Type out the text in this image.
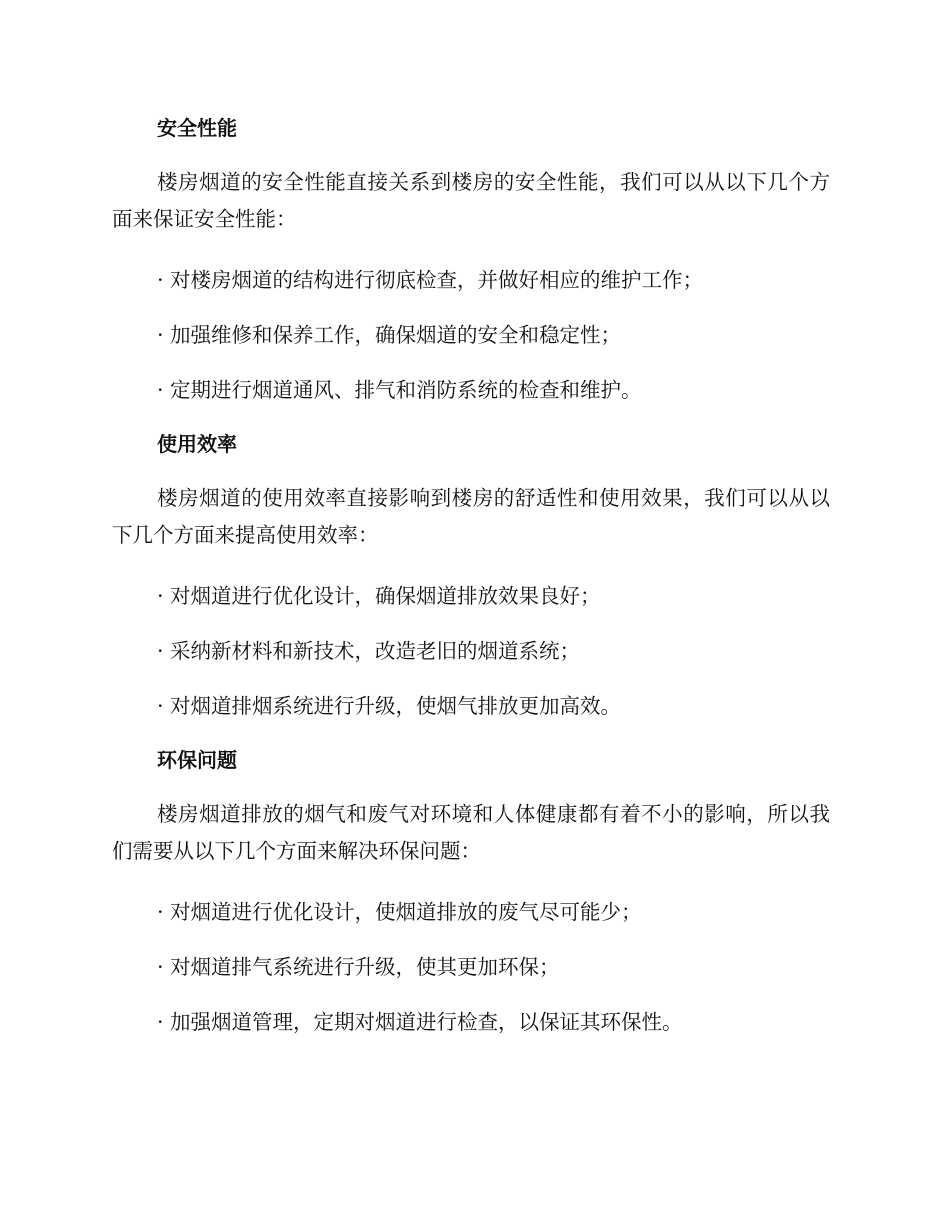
安全性能

楼房烟道的安全性能直接关系到楼房的安全性能，我们可以从以下几个方面来保证安全性能：

· 对楼房烟道的结构进行彻底检查，并做好相应的维护工作；

· 加强维修和保养工作，确保烟道的安全和稳定性；

· 定期进行烟道通风、排气和消防系统的检查和维护。

使用效率

楼房烟道的使用效率直接影响到楼房的舒适性和使用效果，我们可以从以下几个方面来提高使用效率：

· 对烟道进行优化设计，确保烟道排放效果良好；

· 采纳新材料和新技术，改造老旧的烟道系统；

· 对烟道排烟系统进行升级，使烟气排放更加高效。

环保问题

楼房烟道排放的烟气和废气对环境和人体健康都有着不小的影响，所以我们需要从以下几个方面来解决环保问题：

· 对烟道进行优化设计，使烟道排放的废气尽可能少；

· 对烟道排气系统进行升级，使其更加环保；

· 加强烟道管理，定期对烟道进行检查，以保证其环保性。
